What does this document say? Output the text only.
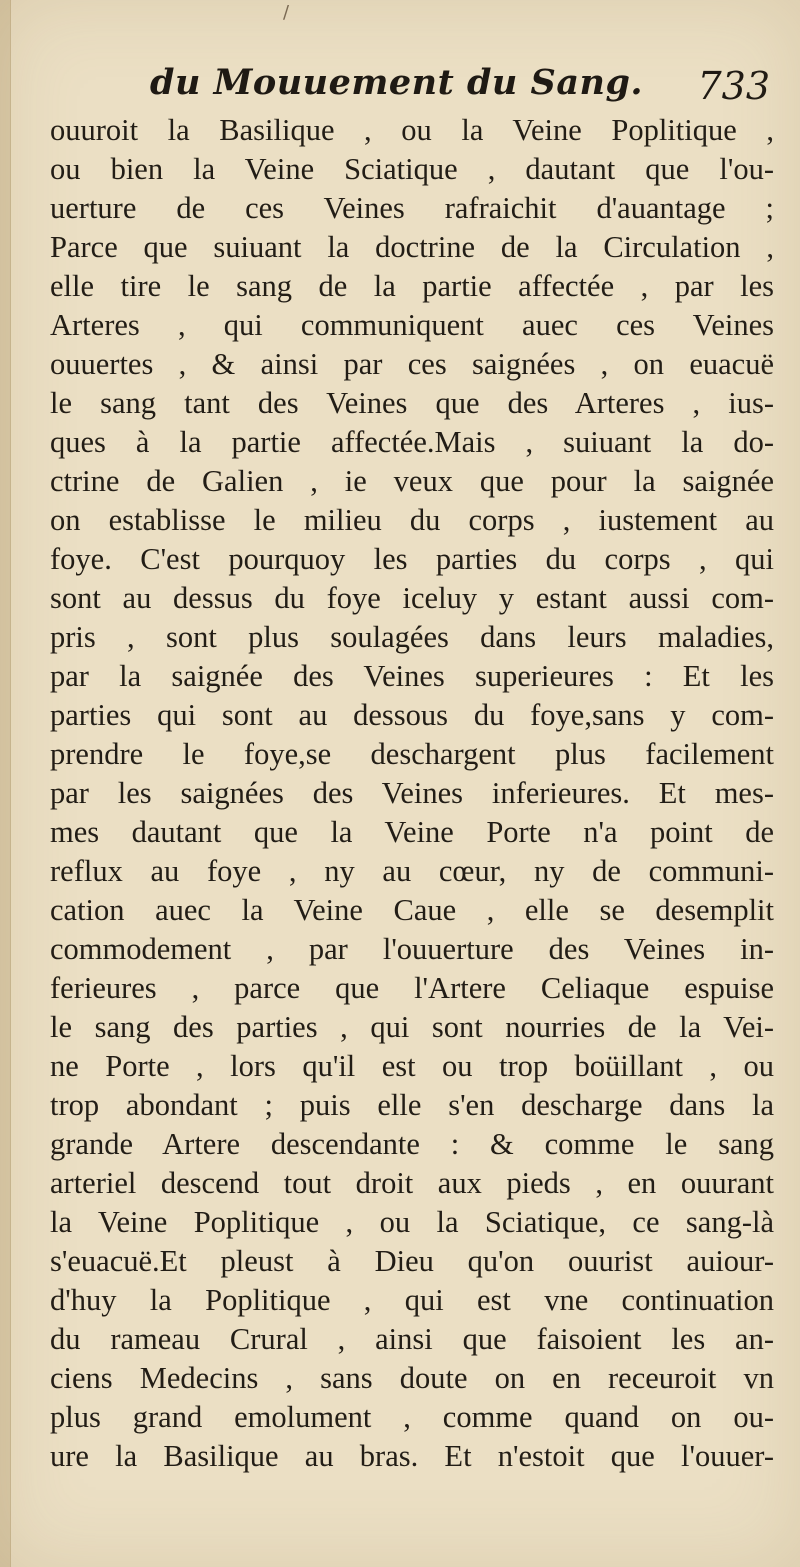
/
du Mouuement du Sang. 733
ouuroit la Basilique , ou la Veine Poplitique ,
ou bien la Veine Sciatique , dautant que l'ou-
uerture de ces Veines rafraichit d'auantage ;
Parce que suiuant la doctrine de la Circulation ,
elle tire le sang de la partie affectée , par les
Arteres , qui communiquent auec ces Veines
ouuertes , & ainsi par ces saignées , on euacuë
le sang tant des Veines que des Arteres , ius-
ques à la partie affectée.Mais , suiuant la do-
ctrine de Galien , ie veux que pour la saignée
on establisse le milieu du corps , iustement au
foye. C'est pourquoy les parties du corps , qui
sont au dessus du foye iceluy y estant aussi com-
pris , sont plus soulagées dans leurs maladies,
par la saignée des Veines superieures : Et les
parties qui sont au dessous du foye,sans y com-
prendre le foye,se deschargent plus facilement
par les saignées des Veines inferieures. Et mes-
mes dautant que la Veine Porte n'a point de
reflux au foye , ny au cœur, ny de communi-
cation auec la Veine Caue , elle se desemplit
commodement , par l'ouuerture des Veines in-
ferieures , parce que l'Artere Celiaque espuise
le sang des parties , qui sont nourries de la Vei-
ne Porte , lors qu'il est ou trop boüillant , ou
trop abondant ; puis elle s'en descharge dans la
grande Artere descendante : & comme le sang
arteriel descend tout droit aux pieds , en ouurant
la Veine Poplitique , ou la Sciatique, ce sang-là
s'euacuë.Et pleust à Dieu qu'on ouurist auiour-
d'huy la Poplitique , qui est vne continuation
du rameau Crural , ainsi que faisoient les an-
ciens Medecins , sans doute on en receuroit vn
plus grand emolument , comme quand on ou-
ure la Basilique au bras. Et n'estoit que l'ouuer-
